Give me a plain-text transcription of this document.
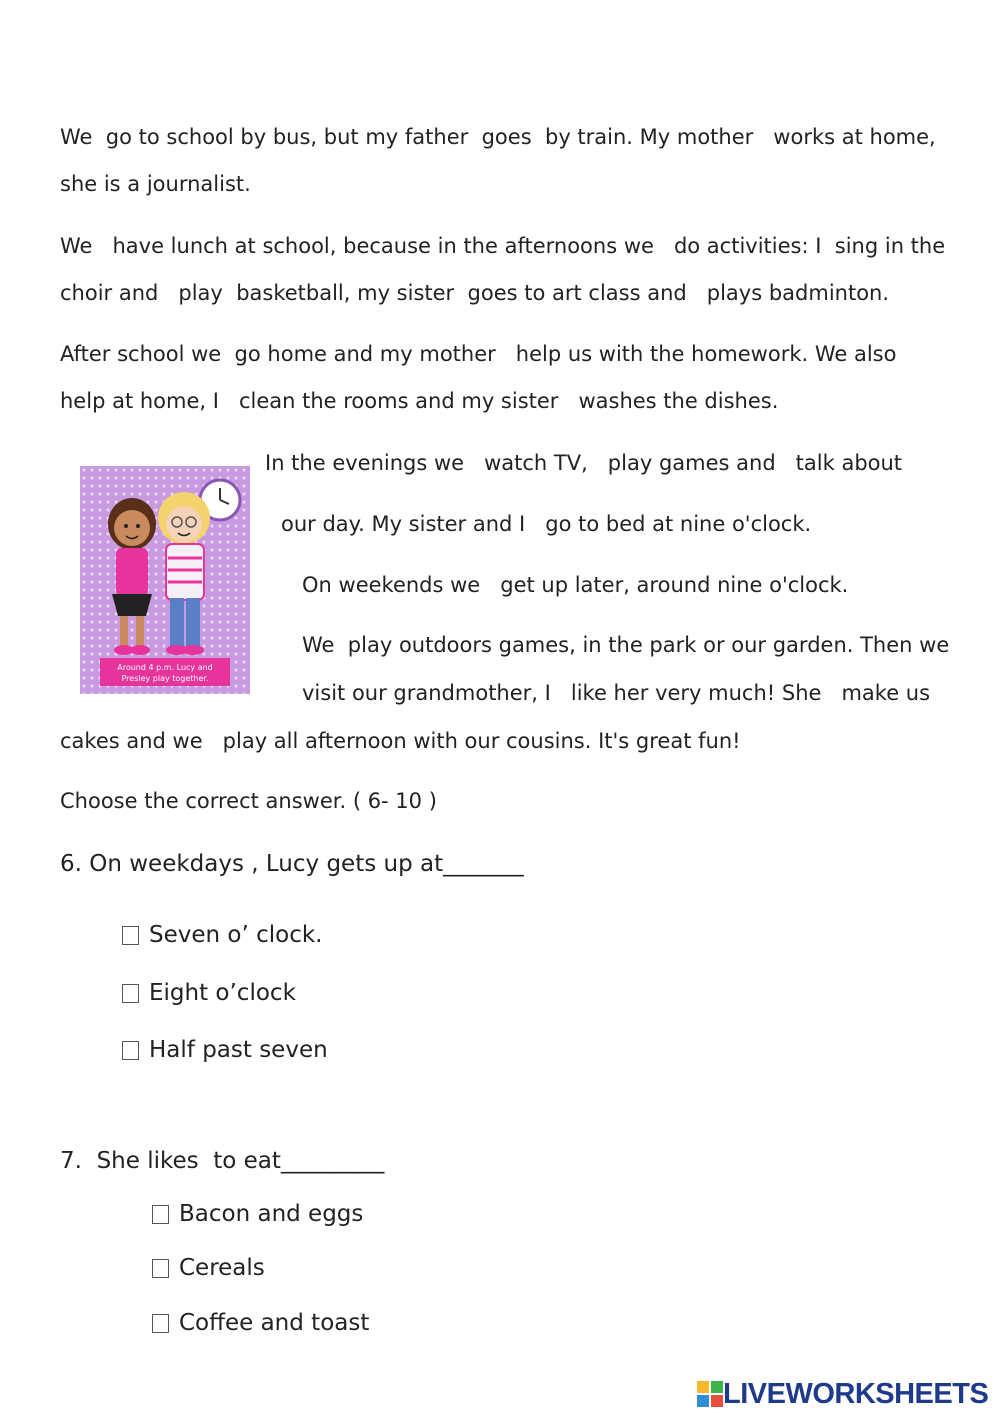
We  go to school by bus, but my father  goes  by train. My mother   works at home,
she is a journalist.
We   have lunch at school, because in the afternoons we   do activities: I  sing in the
choir and   play  basketball, my sister  goes to art class and   plays badminton.
After school we  go home and my mother   help us with the homework. We also
help at home, I   clean the rooms and my sister   washes the dishes.
In the evenings we   watch TV,   play games and   talk about
our day. My sister and I   go to bed at nine o'clock.
On weekends we   get up later, around nine o'clock.
We  play outdoors games, in the park or our garden. Then we
visit our grandmother, I   like her very much! She   make us
cakes and we   play all afternoon with our cousins. It's great fun!
Around 4 p.m. Lucy and
Presley play together.
Choose the correct answer. ( 6- 10 )
6. On weekdays , Lucy gets up at_______
Seven o’ clock.
Eight o’clock
Half past seven
7.  She likes  to eat_________
Bacon and eggs
Cereals
Coffee and toast
LIVEWORKSHEETS
